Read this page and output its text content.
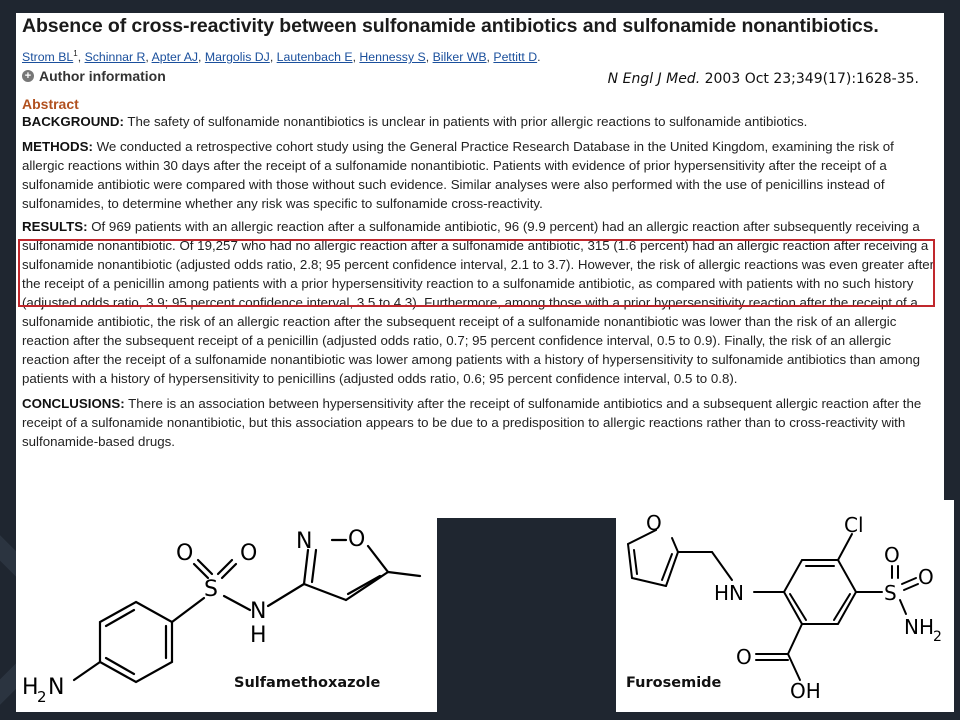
Absence of cross-reactivity between sulfonamide antibiotics and sulfonamide nonantibiotics.
Strom $BL^1$, Schinnar R, Apter AJ, Margolis DJ, Lautenbach E, Hennessy S, Bilker WB, Pettitt D.
+ Author information	N Engl J Med. 2003 Oct 23;349(17):1628-35.
Abstract

BACKGROUND: The safety of sulfonamide nonantibiotics is unclear in patients with prior allergic reactions to sulfonamide antibiotics.

METHODS: We conducted a retrospective cohort study using the General Practice Research Database in the United Kingdom, examining the risk of allergic reactions within 30 days after the receipt of a sulfonamide nonantibiotic. Patients with evidence of prior hypersensitivity after the receipt of a sulfonamide antibiotic were compared with those without such evidence. Similar analyses were also performed with the use of penicillins instead of sulfonamides, to determine whether any risk was specific to sulfonamide cross-reactivity.

RESULTS: Of 969 patients with an allergic reaction after a sulfonamide antibiotic, 96 (9.9 percent) had an allergic reaction after subsequently receiving a sulfonamide nonantibiotic. Of 19,257 who had no allergic reaction after a sulfonamide antibiotic, 315 (1.6 percent) had an allergic reaction after receiving a sulfonamide nonantibiotic (adjusted odds ratio, 2.8; 95 percent confidence interval, 2.1 to 3.7). However, the risk of allergic reactions was even greater after the receipt of a penicillin among patients with a prior hypersensitivity reaction to a sulfonamide antibiotic, as compared with patients with no such history (adjusted odds ratio, 3.9; 95 percent confidence interval, 3.5 to 4.3). Furthermore, among those with a prior hypersensitivity reaction after the receipt of a sulfonamide antibiotic, the risk of an allergic reaction after the subsequent receipt of a sulfonamide nonantibiotic was lower than the risk of an allergic reaction after the subsequent receipt of a penicillin (adjusted odds ratio, 0.7; 95 percent confidence interval, 0.5 to 0.9). Finally, the risk of an allergic reaction after the receipt of a sulfonamide nonantibiotic was lower among patients with a history of hypersensitivity to sulfonamide antibiotics than among patients with a history of hypersensitivity to penicillins (adjusted odds ratio, 0.6; 95 percent confidence interval, 0.5 to 0.8).

CONCLUSIONS: There is an association between hypersensitivity after the receipt of sulfonamide antibiotics and a subsequent allergic reaction after the receipt of a sulfonamide nonantibiotic, but this association appears to be due to a predisposition to allergic reactions rather than to cross-reactivity with sulfonamide-based drugs.

O O
S
N
H
N O
H
2 N	Sulfamethoxazole
O
HN
Cl
O
O
S
NH 2
O
OH
Furosemide
